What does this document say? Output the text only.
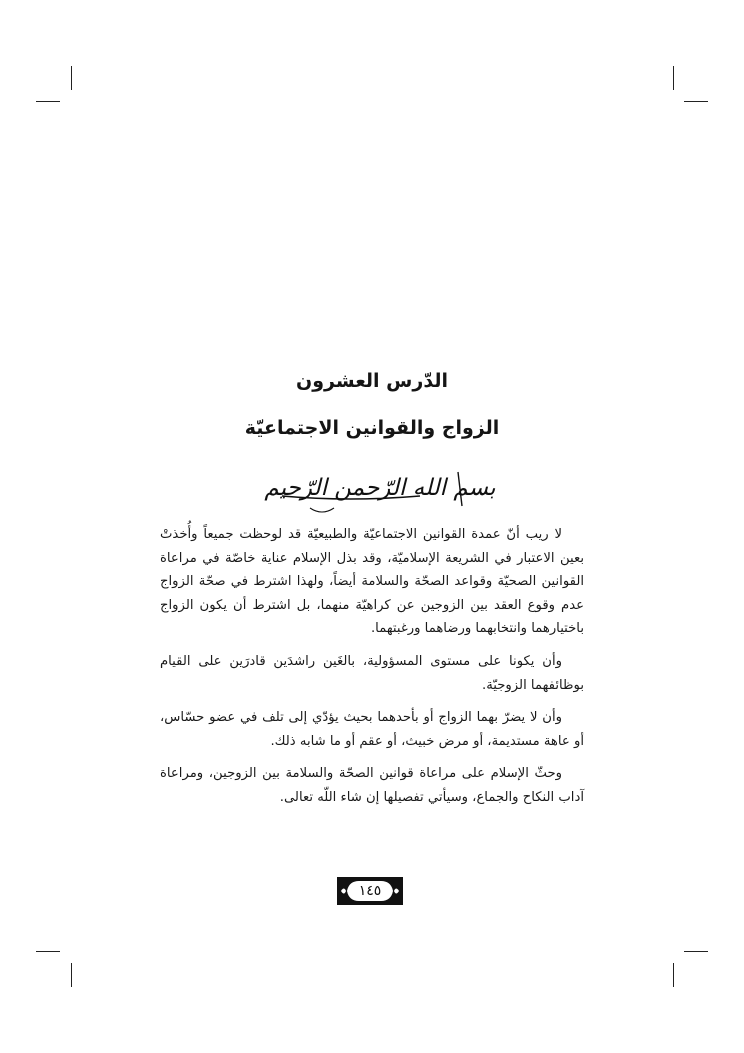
الدّرس العشرون
الزواج والقوانين الاجتماعيّة
بسم الله الرّحمن الرّحيم

لا ريب أنّ عمدة القوانين الاجتماعيّة والطبيعيّة قد لوحظت جميعاً وأُخذتْ بعين الاعتبار في الشريعة الإسلاميّة، وقد بذل الإسلام عناية خاصّة في مراعاة القوانين الصحيّة وقواعد الصحّة والسلامة أيضاً، ولهذا اشترط في صحّة الزواج عدم وقوع العقد بين الزوجين عن كراهيّة منهما، بل اشترط أن يكون الزواج باختيارهما وانتخابهما ورضاهما ورغبتهما.

وأن يكونا على مستوى المسؤولية، بالغَين راشدَين قادرَين على القيام بوظائفهما الزوجيّة.

وأن لا يضرّ بهما الزواج أو بأحدهما بحيث يؤدّي إلى تلف في عضو حسّاس، أو عاهة مستديمة، أو مرض خبيث، أو عقم أو ما شابه ذلك.

وحثّ الإسلام على مراعاة قوانين الصحّة والسلامة بين الزوجين، ومراعاة آداب النكاح والجماع، وسيأتي تفصيلها إن شاء اللّه تعالى.

١٤٥
